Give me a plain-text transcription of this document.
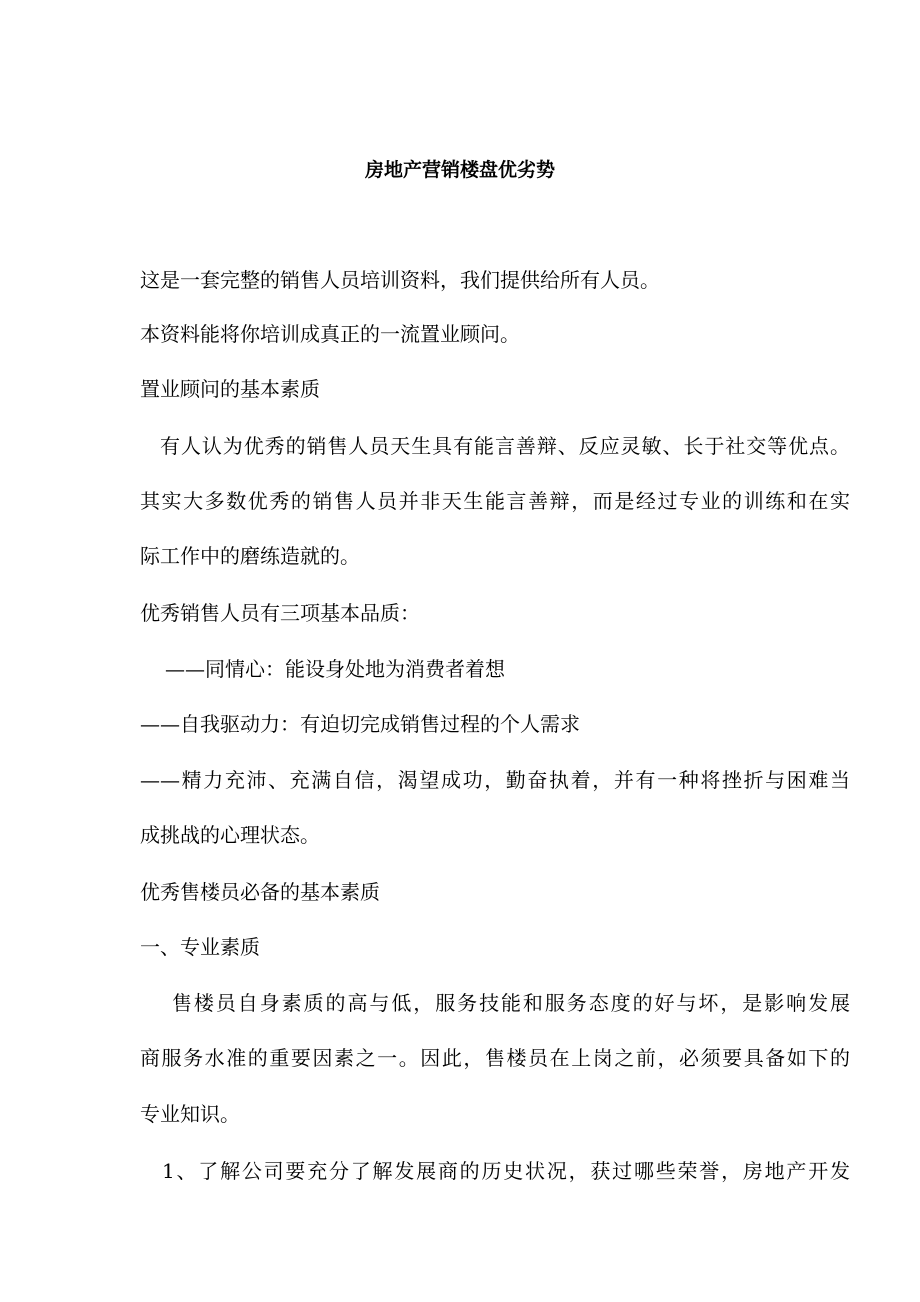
房地产营销楼盘优劣势
这是一套完整的销售人员培训资料，我们提供给所有人员。
本资料能将你培训成真正的一流置业顾问。
置业顾问的基本素质
有人认为优秀的销售人员天生具有能言善辩、反应灵敏、长于社交等优点。
其实大多数优秀的销售人员并非天生能言善辩，而是经过专业的训练和在实
际工作中的磨练造就的。
优秀销售人员有三项基本品质：
——同情心：能设身处地为消费者着想
——自我驱动力：有迫切完成销售过程的个人需求
——精力充沛、充满自信，渴望成功，勤奋执着，并有一种将挫折与困难当
成挑战的心理状态。
优秀售楼员必备的基本素质
一、专业素质
售楼员自身素质的高与低，服务技能和服务态度的好与坏，是影响发展
商服务水准的重要因素之一。因此，售楼员在上岗之前，必须要具备如下的
专业知识。
1、了解公司要充分了解发展商的历史状况，获过哪些荣誉，房地产开发
